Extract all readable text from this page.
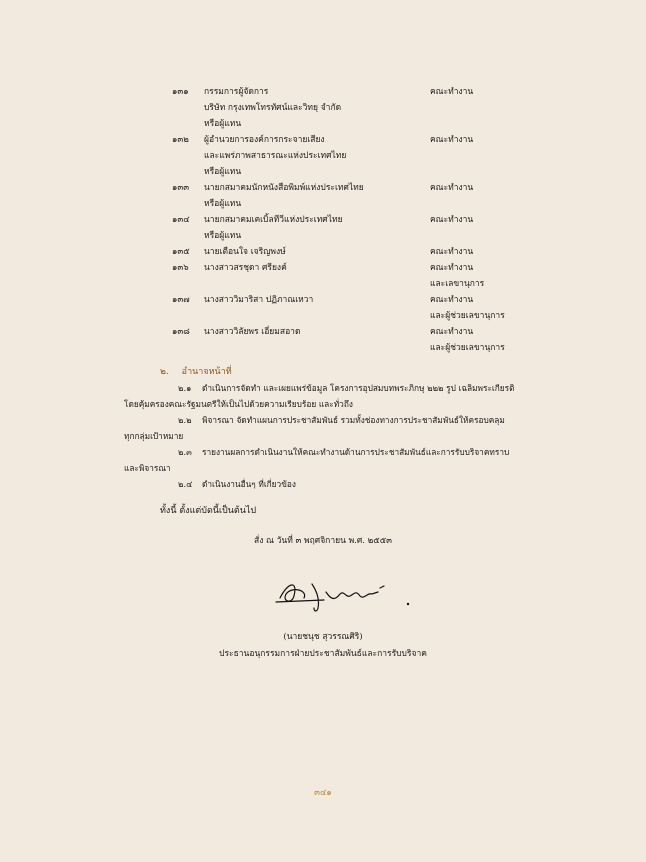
๑๓๑ กรรมการผู้จัดการ	คณะทำงาน
บริษัท กรุงเทพโทรทัศน์และวิทยุ จำกัด
หรือผู้แทน
๑๓๒ ผู้อำนวยการองค์การกระจายเสียง	คณะทำงาน
และแพร่ภาพสาธารณะแห่งประเทศไทย
หรือผู้แทน
๑๓๓ นายกสมาคมนักหนังสือพิมพ์แห่งประเทศไทย	คณะทำงาน
หรือผู้แทน
๑๓๔ นายกสมาคมเคเบิ้ลทีวีแห่งประเทศไทย	คณะทำงาน
หรือผู้แทน
๑๓๕ นายเตือนใจ เจริญพงษ์	คณะทำงาน
๑๓๖ นางสาวสรชุดา ศรียงค์	คณะทำงาน
และเลขานุการ
๑๓๗ นางสาววิมาริสา ปฏิภาณเหวา	คณะทำงาน
และผู้ช่วยเลขานุการ
๑๓๘ นางสาววิลัยพร เอี่ยมสอาด	คณะทำงาน
และผู้ช่วยเลขานุการ
๒. อำนาจหน้าที่
๒.๑ ดำเนินการจัดทำ และเผยแพร่ข้อมูล โครงการอุปสมบทพระภิกษุ ๒๒๒ รูป เฉลิมพระเกียรติ
โดยคุ้มครองคณะรัฐมนตรีให้เป็นไปด้วยความเรียบร้อย และทั่วถึง
๒.๒ พิจารณา จัดทำแผนการประชาสัมพันธ์ รวมทั้งช่องทางการประชาสัมพันธ์ให้ครอบคลุม
ทุกกลุ่มเป้าหมาย
๒.๓ รายงานผลการดำเนินงานให้คณะทำงานด้านการประชาสัมพันธ์และการรับบริจาคทราบ
และพิจารณา
๒.๔ ดำเนินงานอื่นๆ ที่เกี่ยวข้อง
ทั้งนี้ ตั้งแต่บัดนี้เป็นต้นไป
สั่ง ณ วันที่ ๓ พฤศจิกายน พ.ศ. ๒๕๕๓
(นายชนุช สุวรรณศิริ)
ประธานอนุกรรมการฝ่ายประชาสัมพันธ์และการรับบริจาค
๓๔๑
